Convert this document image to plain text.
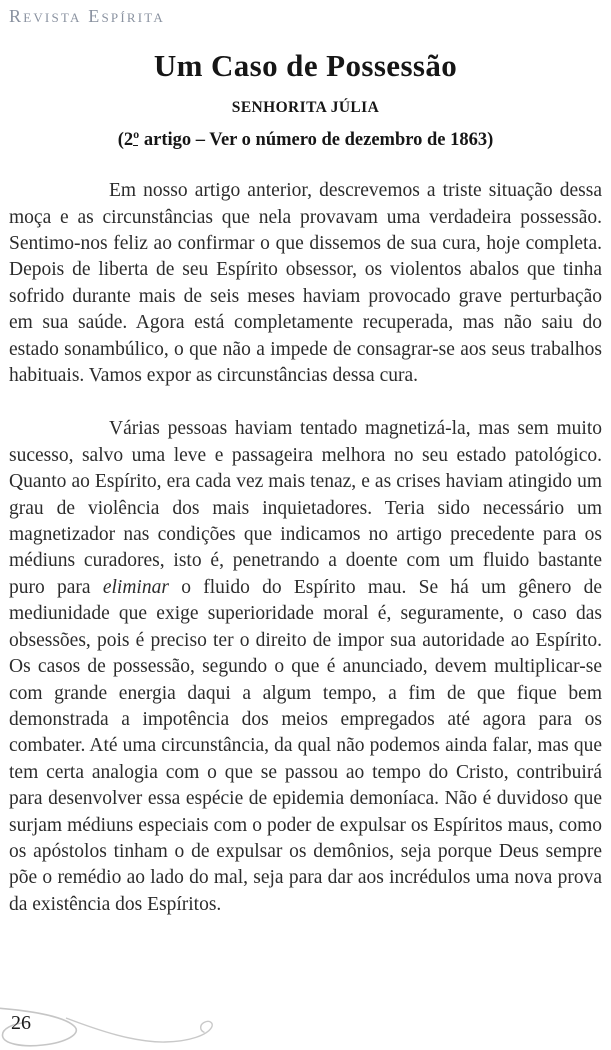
Revista Espírita
Um Caso de Possessão
SENHORITA JÚLIA
(2º artigo – Ver o número de dezembro de 1863)

Em nosso artigo anterior, descrevemos a triste situação dessa moça e as circunstâncias que nela provavam uma verdadeira possessão. Sentimo-nos feliz ao confirmar o que dissemos de sua cura, hoje completa. Depois de liberta de seu Espírito obsessor, os violentos abalos que tinha sofrido durante mais de seis meses haviam provocado grave perturbação em sua saúde. Agora está completamente recuperada, mas não saiu do estado sonambúlico, o que não a impede de consagrar-se aos seus trabalhos habituais. Vamos expor as circunstâncias dessa cura.

Várias pessoas haviam tentado magnetizá-la, mas sem muito sucesso, salvo uma leve e passageira melhora no seu estado patológico. Quanto ao Espírito, era cada vez mais tenaz, e as crises haviam atingido um grau de violência dos mais inquietadores. Teria sido necessário um magnetizador nas condições que indicamos no artigo precedente para os médiuns curadores, isto é, penetrando a doente com um fluido bastante puro para eliminar o fluido do Espírito mau. Se há um gênero de mediunidade que exige superioridade moral é, seguramente, o caso das obsessões, pois é preciso ter o direito de impor sua autoridade ao Espírito. Os casos de possessão, segundo o que é anunciado, devem multiplicar-se com grande energia daqui a algum tempo, a fim de que fique bem demonstrada a impotência dos meios empregados até agora para os combater. Até uma circunstância, da qual não podemos ainda falar, mas que tem certa analogia com o que se passou ao tempo do Cristo, contribuirá para desenvolver essa espécie de epidemia demoníaca. Não é duvidoso que surjam médiuns especiais com o poder de expulsar os Espíritos maus, como os apóstolos tinham o de expulsar os demônios, seja porque Deus sempre põe o remédio ao lado do mal, seja para dar aos incrédulos uma nova prova da existência dos Espíritos.

26
